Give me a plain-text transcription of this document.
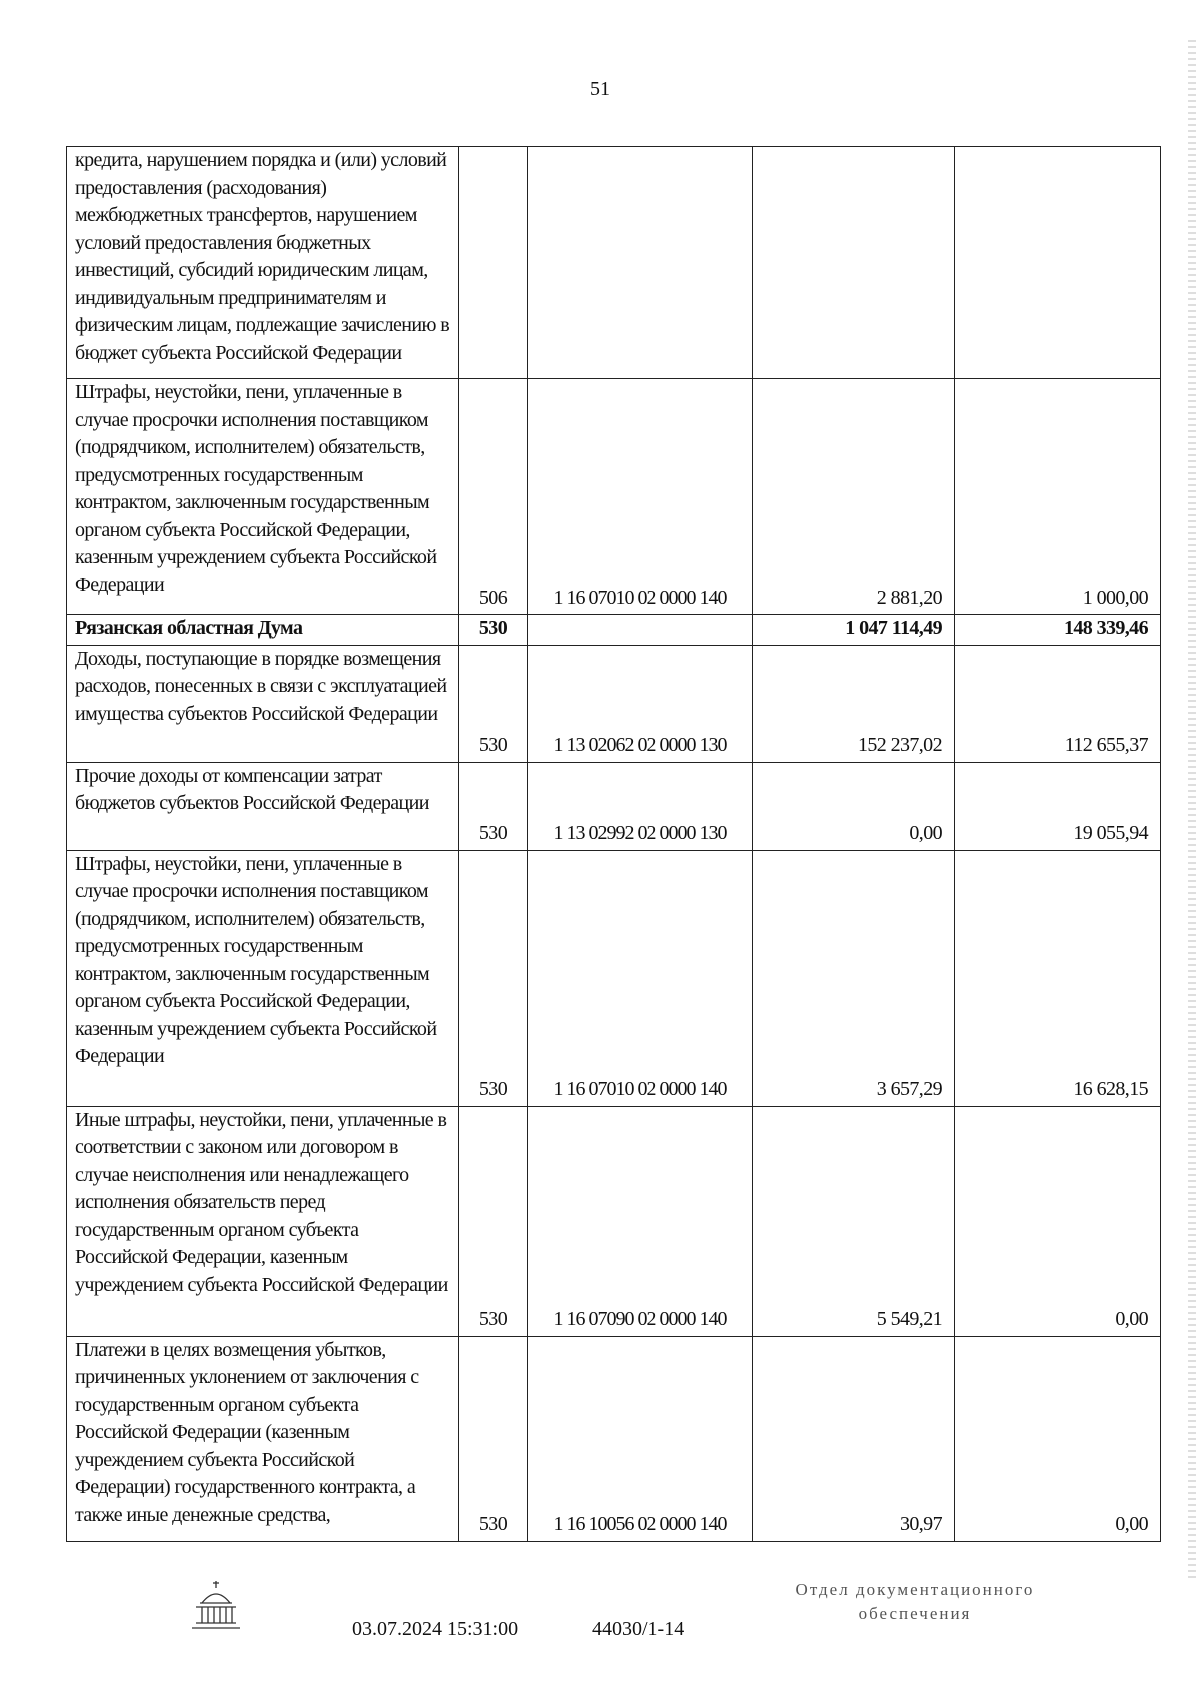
51
кредита, нарушением порядка и (или) условий предоставления (расходования) межбюджетных трансфертов, нарушением условий предоставления бюджетных инвестиций, субсидий юридическим лицам, индивидуальным предпринимателям и физическим лицам, подлежащие зачислению в бюджет субъекта Российской Федерации				
Штрафы, неустойки, пени, уплаченные в случае просрочки исполнения поставщиком (подрядчиком, исполнителем) обязательств, предусмотренных государственным контрактом, заключенным государственным органом субъекта Российской Федерации, казенным учреждением субъекта Российской Федерации	506	1 16 07010 02 0000 140	2 881,20	1 000,00
Рязанская областная Дума	530		1 047 114,49	148 339,46
Доходы, поступающие в порядке возмещения расходов, понесенных в связи с эксплуатацией имущества субъектов Российской Федерации	530	1 13 02062 02 0000 130	152 237,02	112 655,37
Прочие доходы от компенсации затрат бюджетов субъектов Российской Федерации	530	1 13 02992 02 0000 130	0,00	19 055,94
Штрафы, неустойки, пени, уплаченные в случае просрочки исполнения поставщиком (подрядчиком, исполнителем) обязательств, предусмотренных государственным контрактом, заключенным государственным органом субъекта Российской Федерации, казенным учреждением субъекта Российской Федерации	530	1 16 07010 02 0000 140	3 657,29	16 628,15
Иные штрафы, неустойки, пени, уплаченные в соответствии с законом или договором в случае неисполнения или ненадлежащего исполнения обязательств перед государственным органом субъекта Российской Федерации, казенным учреждением субъекта Российской Федерации	530	1 16 07090 02 0000 140	5 549,21	0,00
Платежи в целях возмещения убытков, причиненных уклонением от заключения с государственным органом субъекта Российской Федерации (казенным учреждением субъекта Российской Федерации) государственного контракта, а также иные денежные средства,	530	1 16 10056 02 0000 140	30,97	0,00
03.07.2024 15:31:00	44030/1-14
Отдел документационного
обеспечения
